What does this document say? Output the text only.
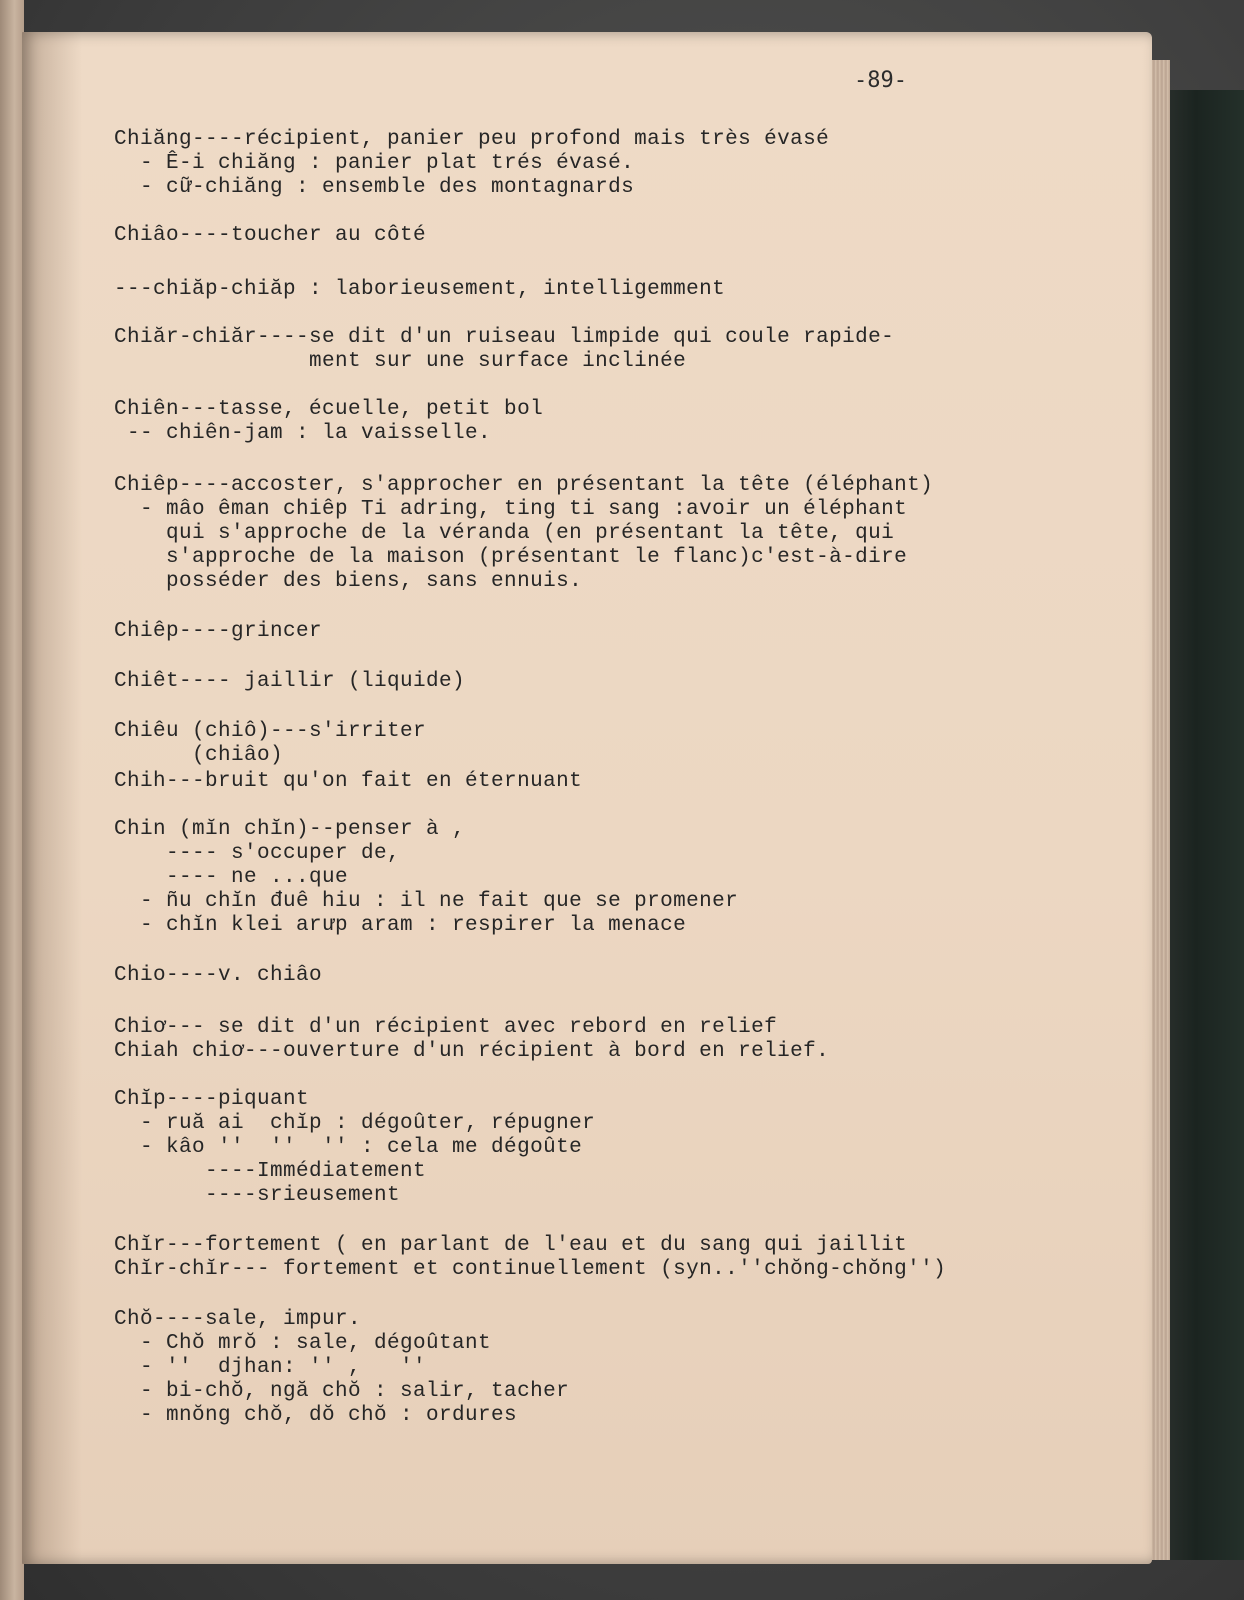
-89-
Chiăng----récipient, panier peu profond mais très évasé
- Ê-i chiăng : panier plat trés évasé.
- cữ-chiăng : ensemble des montagnards
Chiâo----toucher au côté
---chiăp-chiăp : laborieusement, intelligemment
Chiăr-chiăr----se dit d'un ruiseau limpide qui coule rapide-
ment sur une surface inclinée
Chiên---tasse, écuelle, petit bol
-- chiên-jam : la vaisselle.
Chiêp----accoster, s'approcher en présentant la tête (éléphant)
- mâo êman chiêp Ti adring, ting ti sang :avoir un éléphant
qui s'approche de la véranda (en présentant la tête, qui
s'approche de la maison (présentant le flanc)c'est-à-dire
posséder des biens, sans ennuis.
Chiêp----grincer
Chiêt---- jaillir (liquide)
Chiêu (chiô)---s'irriter
(chiâo)
Chih---bruit qu'on fait en éternuant
Chin (mĭn chĭn)--penser à ,
---- s'occuper de,
---- ne ...que
- ñu chĭn đuê hiu : il ne fait que se promener
- chĭn klei arưp aram : respirer la menace
Chio----v. chiâo
Chiơ--- se dit d'un récipient avec rebord en relief
Chiah chiơ---ouverture d'un récipient à bord en relief.
Chĭp----piquant
- ruă ai  chĭp : dégoûter, répugner
- kâo ''  ''  '' : cela me dégoûte
----Immédiatement
----srieusement
Chĭr---fortement ( en parlant de l'eau et du sang qui jaillit
Chĭr-chĭr--- fortement et continuellement (syn..''chŏng-chŏng'')
Chŏ----sale, impur.
- Chŏ mrŏ : sale, dégoûtant
- ''  djhan: '' ,   ''
- bi-chŏ, ngă chŏ : salir, tacher
- mnŏng chŏ, dŏ chŏ : ordures
